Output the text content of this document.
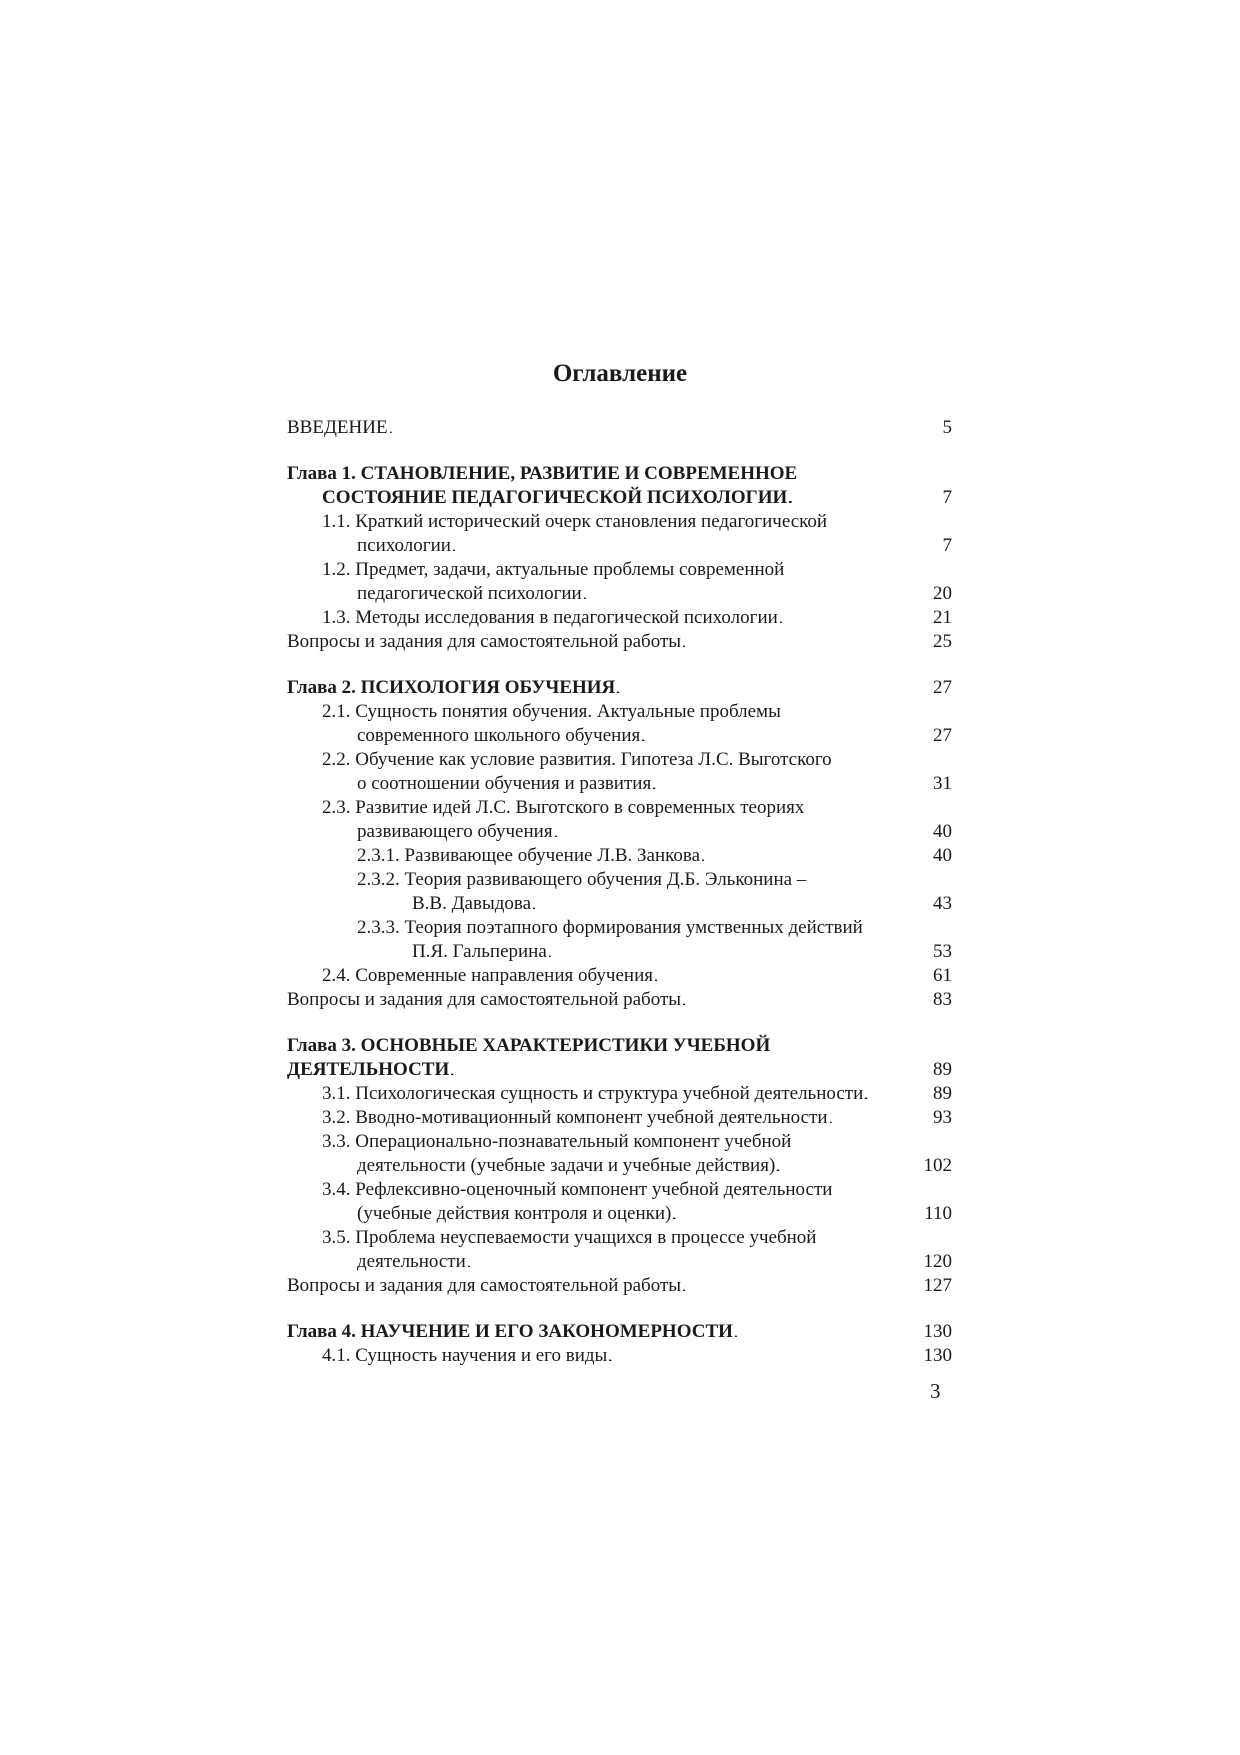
Оглавление
ВВЕДЕНИЕ . . .	5
Глава 1. СТАНОВЛЕНИЕ, РАЗВИТИЕ И СОВРЕМЕННОЕ
СОСТОЯНИЕ ПЕДАГОГИЧЕСКОЙ ПСИХОЛОГИИ . . .	7
1.1. Краткий исторический очерк становления педагогической
психологии . . .	7
1.2. Предмет, задачи, актуальные проблемы современной
педагогической психологии . . .	20
1.3. Методы исследования в педагогической психологии . . .	21
Вопросы и задания для самостоятельной работы . . .	25
Глава 2. ПСИХОЛОГИЯ ОБУЧЕНИЯ . . .	27
2.1. Сущность понятия обучения. Актуальные проблемы
современного школьного обучения . . .	27
2.2. Обучение как условие развития. Гипотеза Л.С. Выготского
о соотношении обучения и развития . . .	31
2.3. Развитие идей Л.С. Выготского в современных теориях
развивающего обучения . . .	40
2.3.1. Развивающее обучение Л.В. Занкова . . .	40
2.3.2. Теория развивающего обучения Д.Б. Эльконина –
В.В. Давыдова . . .	43
2.3.3. Теория поэтапного формирования умственных действий
П.Я. Гальперина . . .	53
2.4. Современные направления обучения . . .	61
Вопросы и задания для самостоятельной работы . . .	83
Глава 3. ОСНОВНЫЕ ХАРАКТЕРИСТИКИ УЧЕБНОЙ
ДЕЯТЕЛЬНОСТИ . . .	89
3.1. Психологическая сущность и структура учебной деятельности . . .	89
3.2. Вводно-мотивационный компонент учебной деятельности . . .	93
3.3. Операционально-познавательный компонент учебной
деятельности (учебные задачи и учебные действия) . . .	102
3.4. Рефлексивно-оценочный компонент учебной деятельности
(учебные действия контроля и оценки) . . .	110
3.5. Проблема неуспеваемости учащихся в процессе учебной
деятельности . . .	120
Вопросы и задания для самостоятельной работы . . .	127
Глава 4. НАУЧЕНИЕ И ЕГО ЗАКОНОМЕРНОСТИ . . .	130
4.1. Сущность научения и его виды . . .	130
3
